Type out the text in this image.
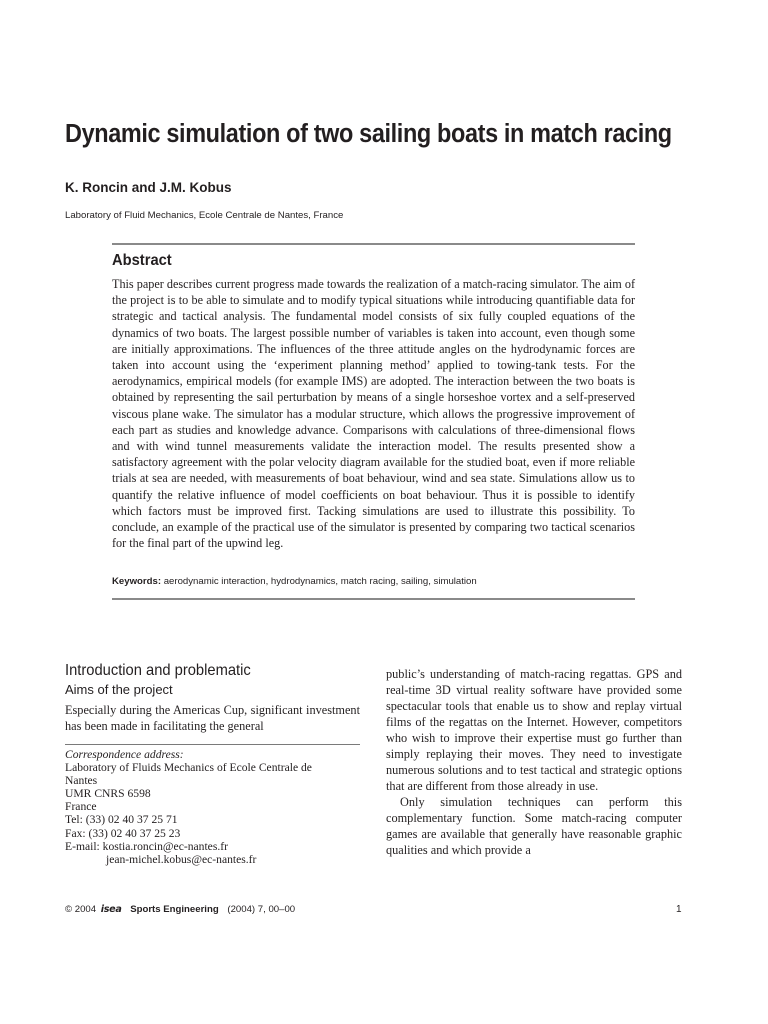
Dynamic simulation of two sailing boats in match racing
K. Roncin and J.M. Kobus
Laboratory of Fluid Mechanics, Ecole Centrale de Nantes, France
Abstract

This paper describes current progress made towards the realization of a match-racing simulator. The aim of the project is to be able to simulate and to modify typical situations while introducing quantifiable data for strategic and tactical analysis. The fundamental model consists of six fully coupled equations of the dynamics of two boats. The largest possible number of variables is taken into account, even though some are initially approximations. The influences of the three attitude angles on the hydrodynamic forces are taken into account using the ‘experiment planning method’ applied to towing-tank tests. For the aerodynamics, empirical models (for example IMS) are adopted. The interaction between the two boats is obtained by representing the sail perturbation by means of a single horseshoe vortex and a self-preserved viscous plane wake. The simulator has a modular structure, which allows the progressive improvement of each part as studies and knowledge advance. Comparisons with calculations of three-dimensional flows and with wind tunnel measurements validate the interaction model. The results presented show a satisfactory agreement with the polar velocity diagram available for the studied boat, even if more reliable trials at sea are needed, with measurements of boat behaviour, wind and sea state. Simulations allow us to quantify the relative influence of model coefficients on boat behaviour. Thus it is possible to identify which factors must be improved first. Tacking simulations are used to illustrate this possibility. To conclude, an example of the practical use of the simulator is presented by comparing two tactical scenarios for the final part of the upwind leg.

Keywords: aerodynamic interaction, hydrodynamics, match racing, sailing, simulation
Introduction and problematic
Aims of the project

Especially during the Americas Cup, significant investment has been made in facilitating the general

Correspondence address:
Laboratory of Fluids Mechanics of Ecole Centrale de
Nantes
UMR CNRS 6598
France
Tel: (33) 02 40 37 25 71
Fax: (33) 02 40 37 25 23
E-mail: kostia.roncin@ec-nantes.fr
jean-michel.kobus@ec-nantes.fr

public’s understanding of match-racing regattas. GPS and real-time 3D virtual reality software have provided some spectacular tools that enable us to show and replay virtual films of the regattas on the Internet. However, competitors who wish to improve their expertise must go further than simply replaying their moves. They need to investigate numerous solutions and to test tactical and strategic options that are different from those already in use.

Only simulation techniques can perform this complementary function. Some match-racing computer games are available that generally have reasonable graphic qualities and which provide a

© 2004 isea Sports Engineering (2004) 7, 00–00	1
